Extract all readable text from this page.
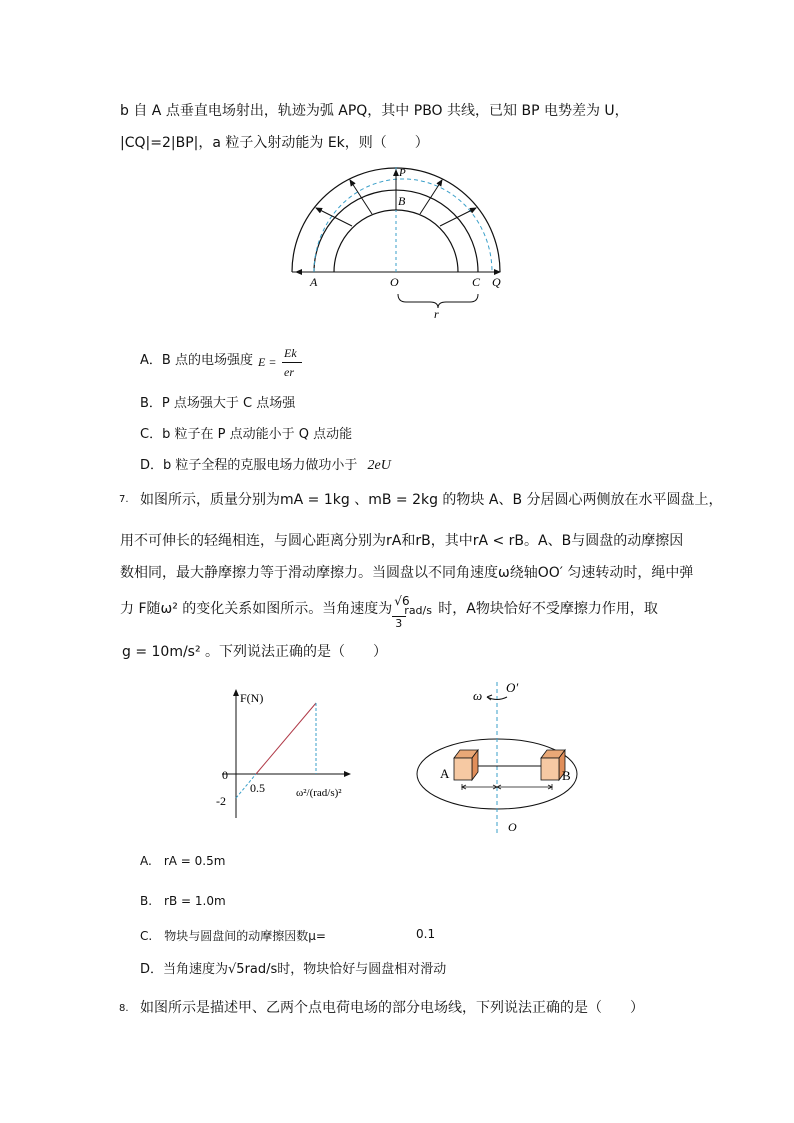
b 自 A 点垂直电场射出，轨迹为弧 APQ，其中 PBO 共线，已知 BP 电势差为 U，
|CQ|=2|BP|，a 粒子入射动能为 Ek，则（　　）
P
B
A	O	C Q
r
A．B 点的电场强度 E =
Ek
er
B．P 点场强大于 C 点场强
C．b 粒子在 P 点动能小于 Q 点动能
D．b 粒子全程的克服电场力做功小于 2eU
7. 如图所示，质量分别为mA = 1kg 、mB = 2kg 的物块 A、B 分居圆心两侧放在水平圆盘上，
用不可伸长的轻绳相连，与圆心距离分别为rA和rB，其中rA < rB。A、B与圆盘的动摩擦因
数相同，最大静摩擦力等于滑动摩擦力。当圆盘以不同角速度ω绕轴OO′ 匀速转动时，绳中弹
力 F随ω² 的变化关系如图所示。当角速度为 √6
rad/s
3
时，A物块恰好不受摩擦力作用，取
g = 10m/s² 。下列说法正确的是（　　）
F(N)
ω²/(rad/s)²
0
0.5
-2
ω
O′
O
A	B
A.　rA = 0.5m
B.　rB = 1.0m
C.　物块与圆盘间的动摩擦因数μ=	0.1
D．当角速度为√5rad/s时，物块恰好与圆盘相对滑动
8. 如图所示是描述甲、乙两个点电荷电场的部分电场线，下列说法正确的是（　　）
